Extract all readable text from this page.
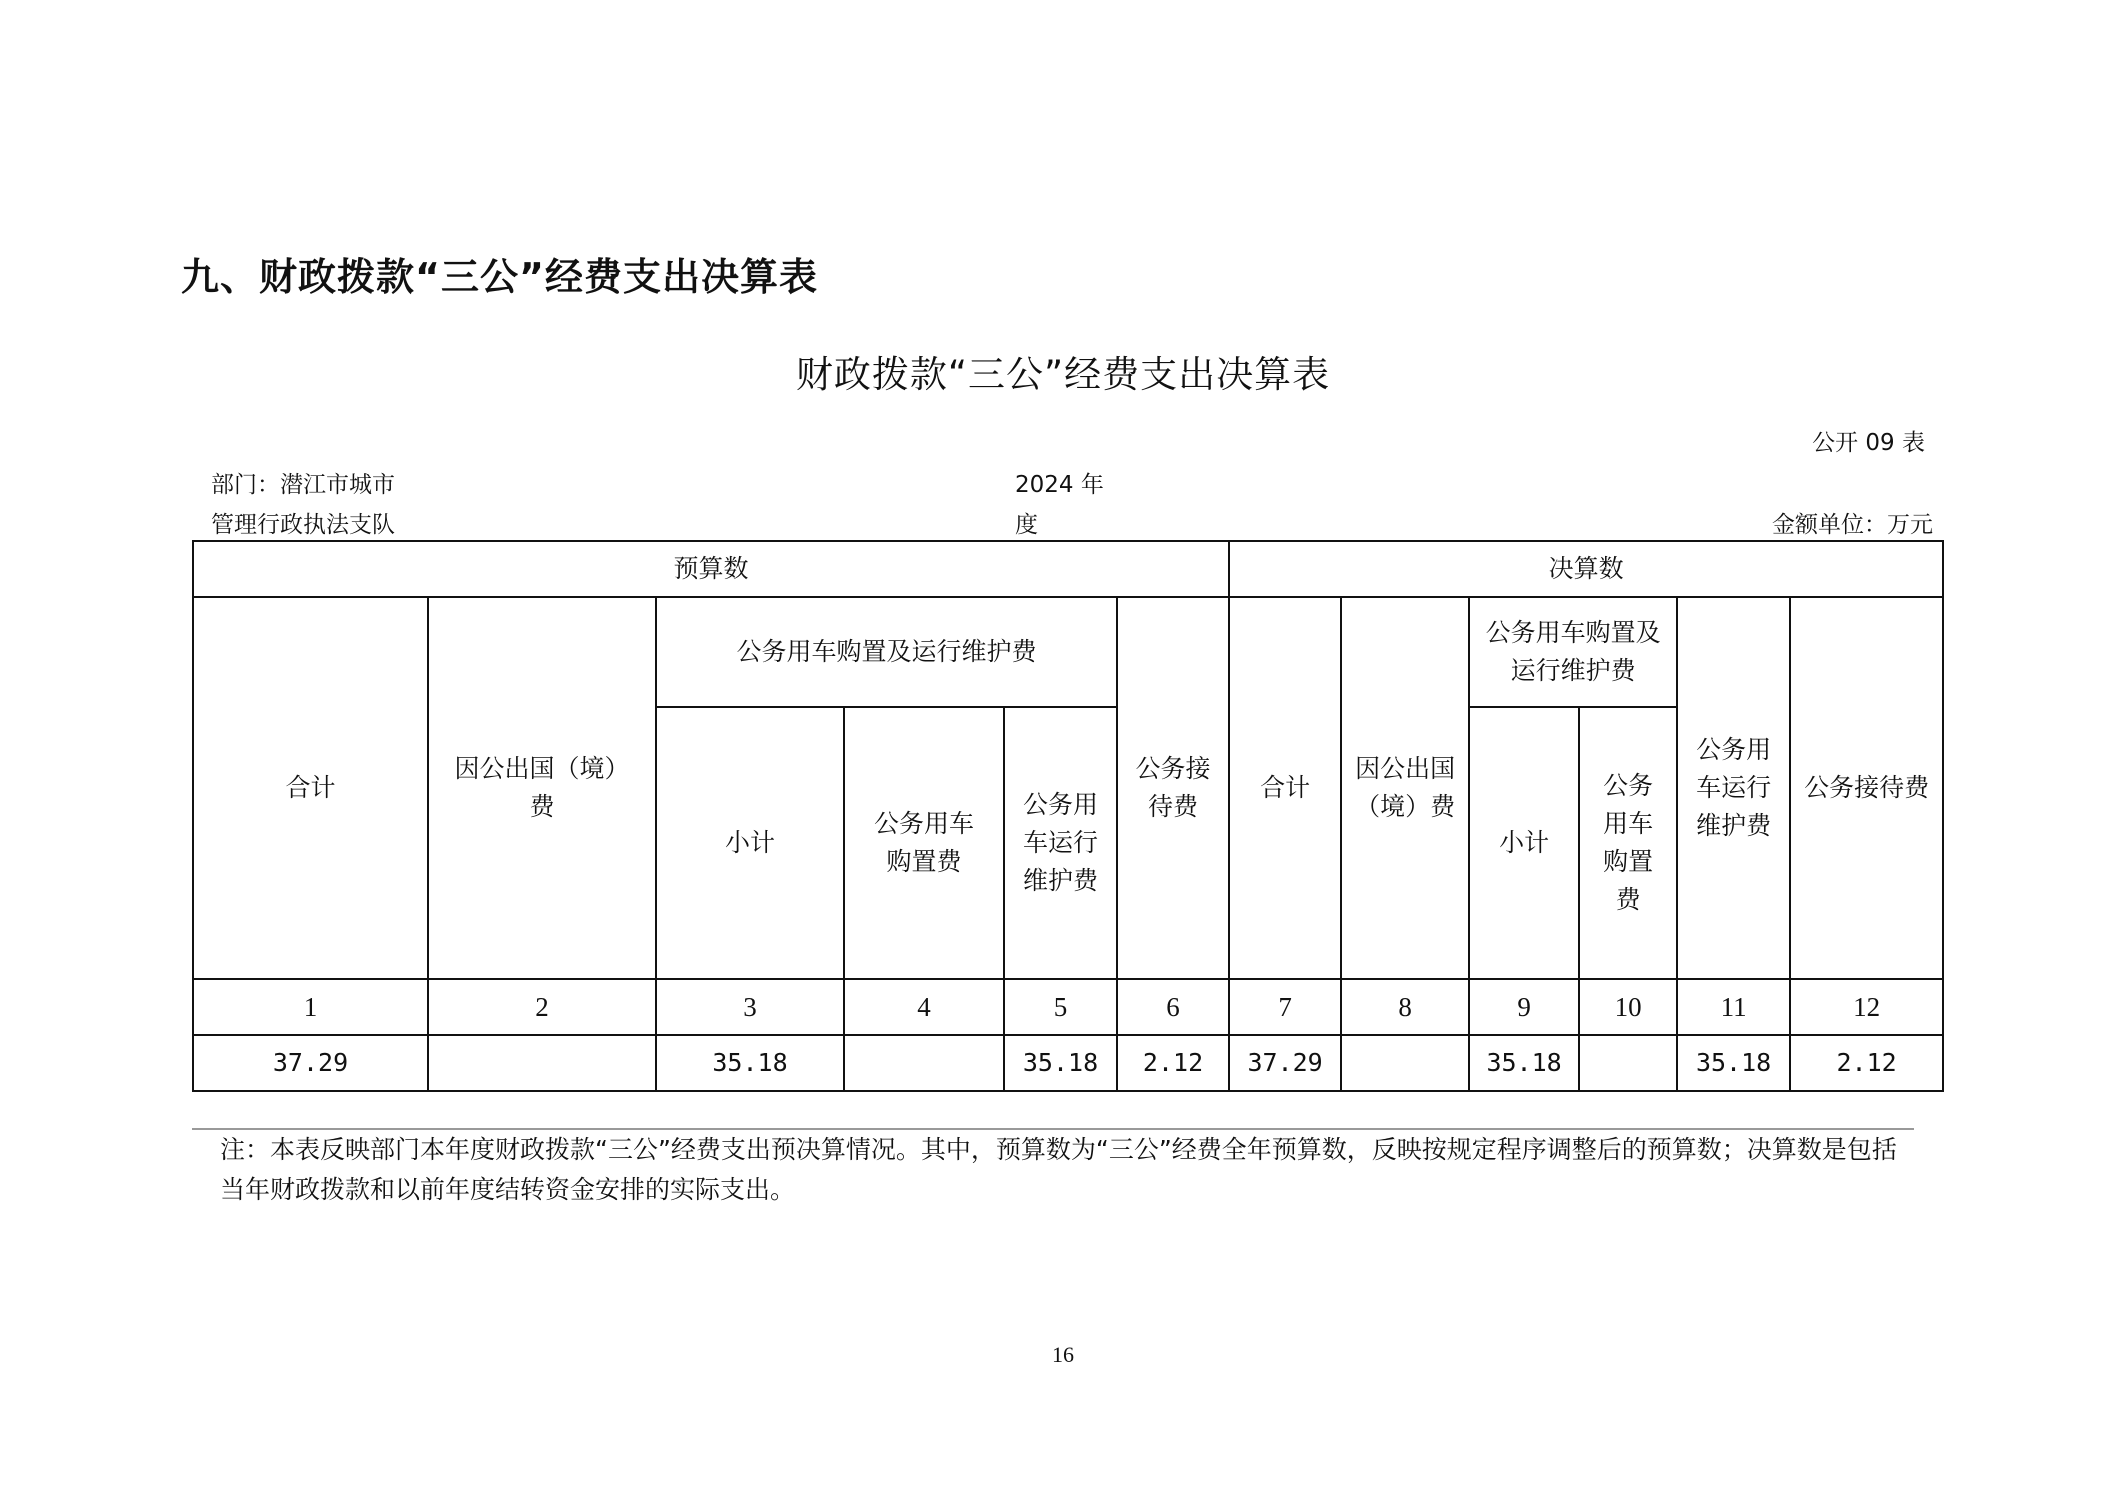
九、财政拨款“三公”经费支出决算表
财政拨款“三公”经费支出决算表
公开 09 表
部门：潜江市城市
管理行政执法支队
2024 年
度	金额单位：万元
预算数						决算数					
合计	因公出国（境）费	公务用车购置及运行维护费			公务接待费	合计	因公出国（境）费	公务用车购置及运行维护费		公务用车运行维护费	公务接待费
		小计	公务用车购置费	公务用车运行维护费				小计	公务用车购置费		
1	2	3	4	5	6	7	8	9	10	11	12
37.29		35.18		35.18	2.12	37.29		35.18		35.18	2.12
注：本表反映部门本年度财政拨款“三公”经费支出预决算情况。其中，预算数为“三公”经费全年预算数，反映按规定程序调整后的预算数；决算数是包括当年财政拨款和以前年度结转资金安排的实际支出。
16
